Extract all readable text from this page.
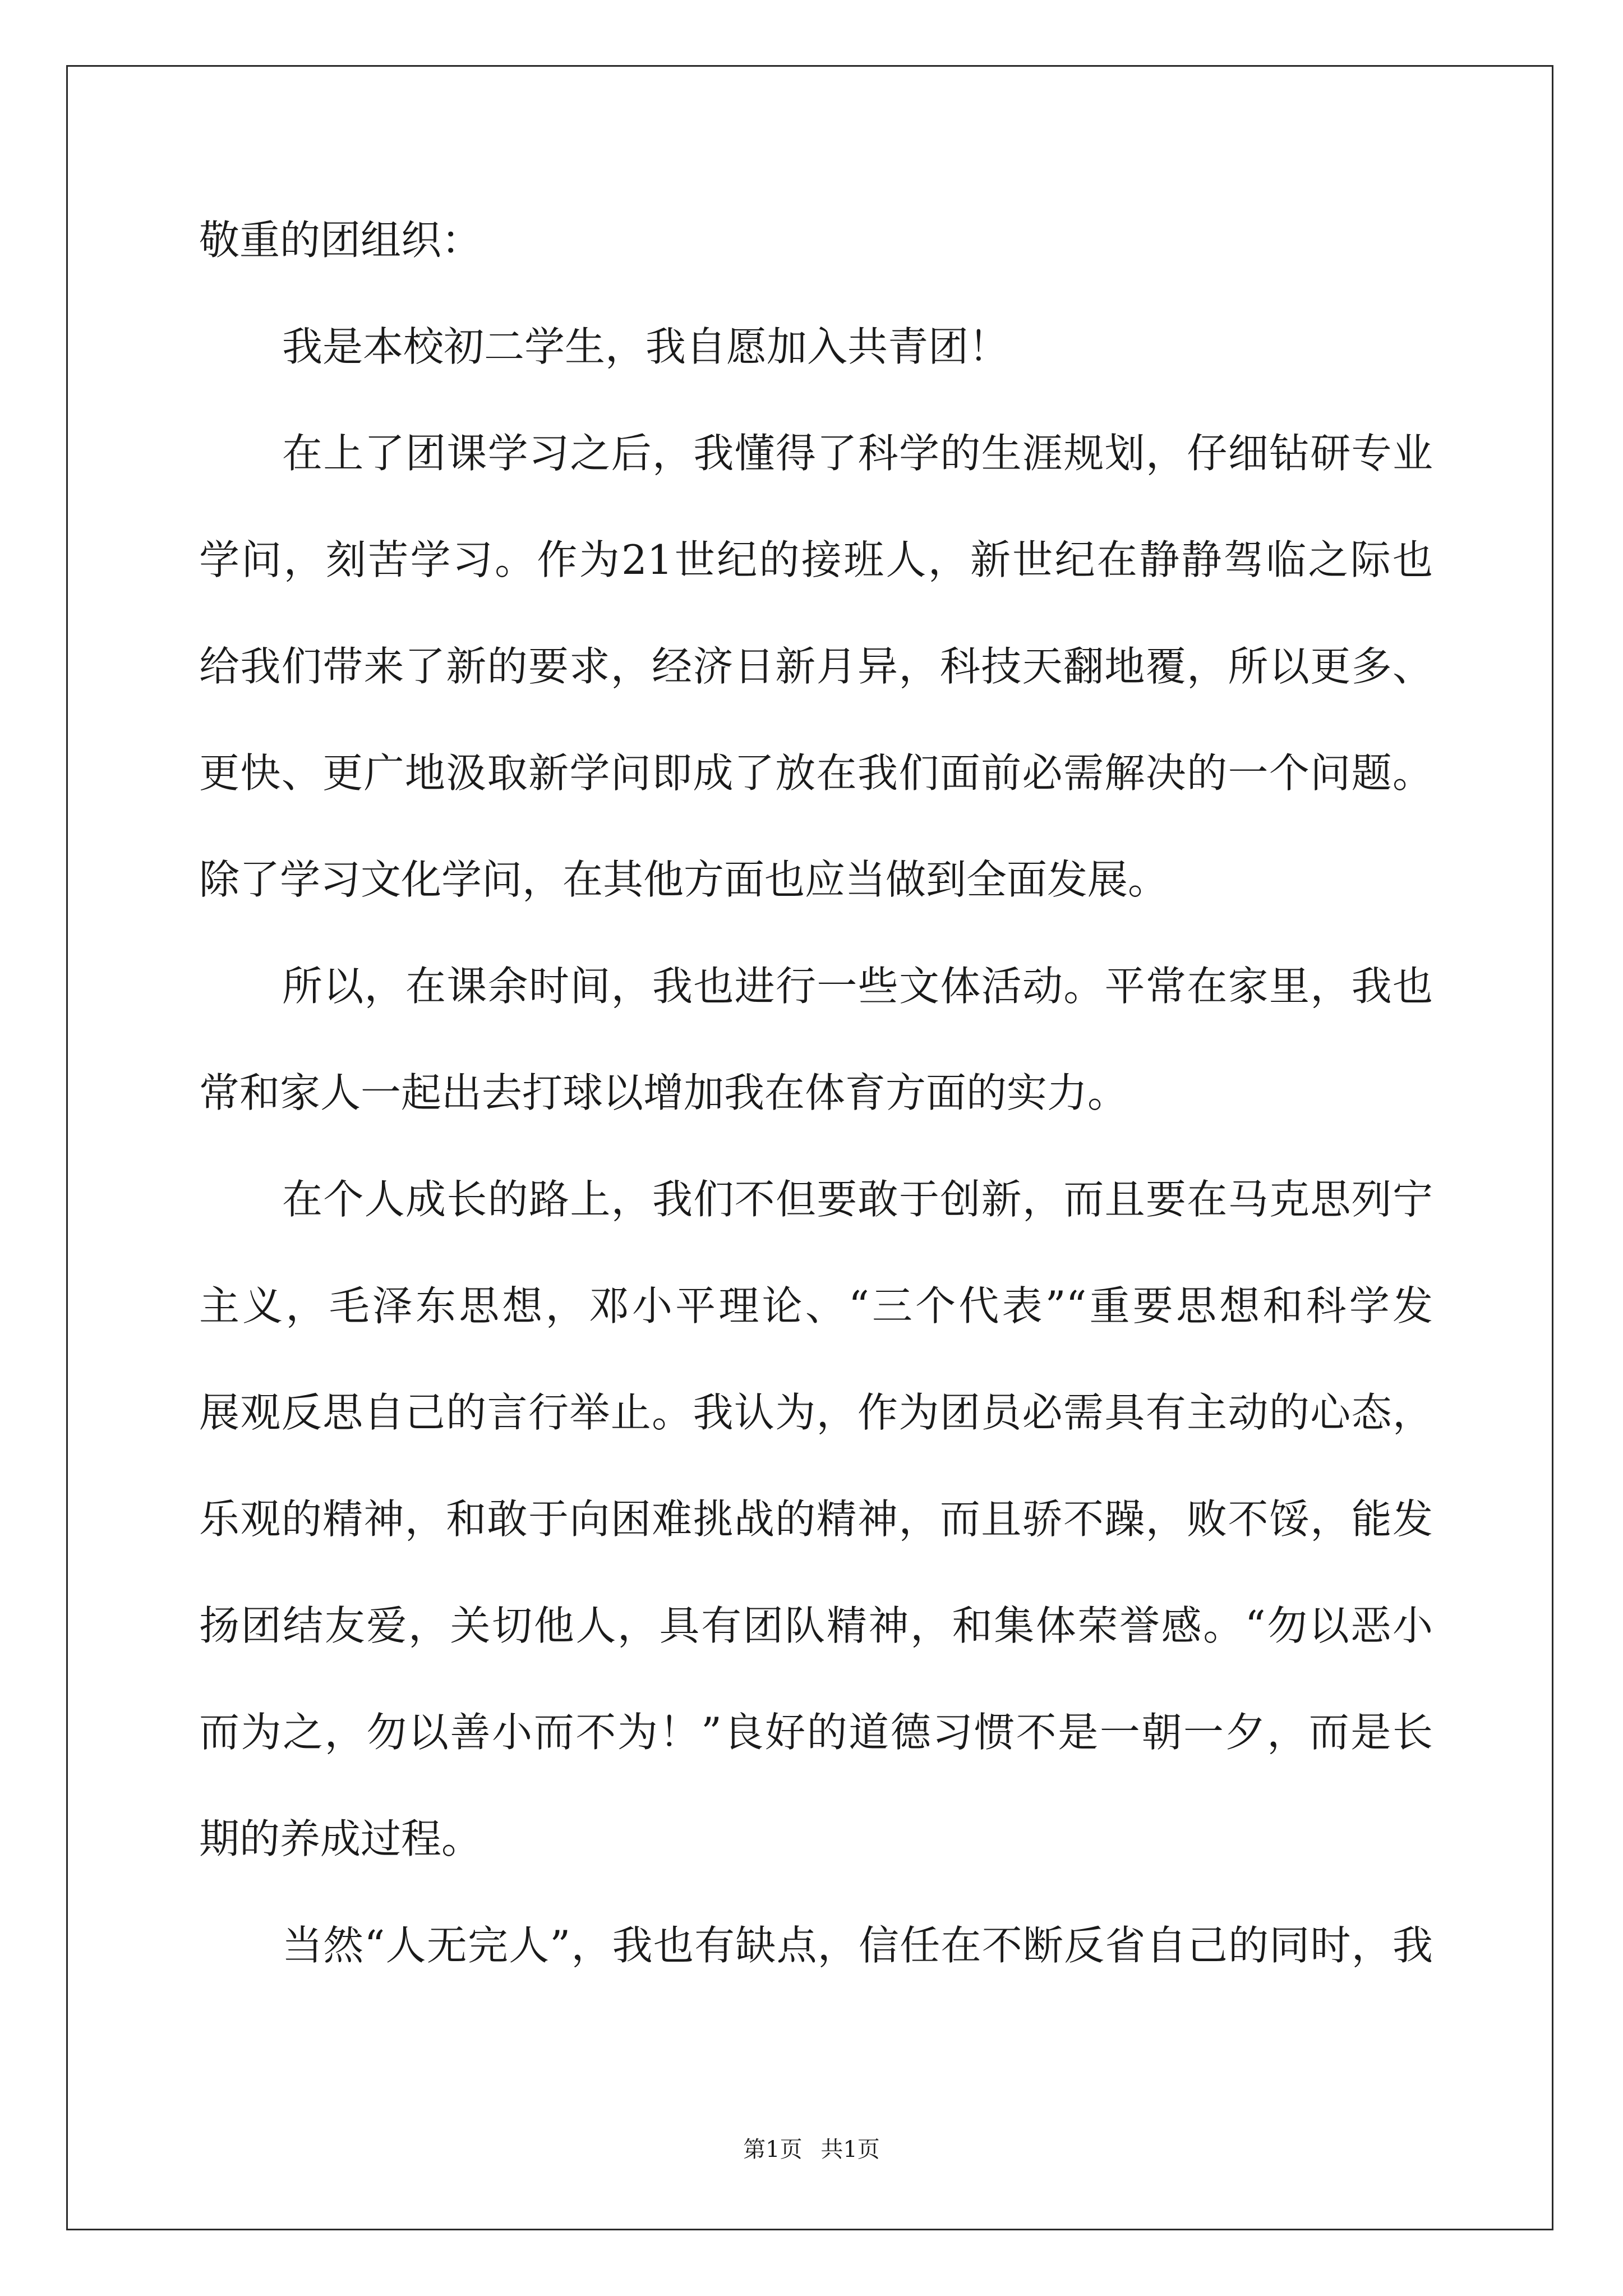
敬重的团组织：
我是本校初二学生，我自愿加入共青团！
在上了团课学习之后，我懂得了科学的生涯规划，仔细钻研专业
学问，刻苦学习。作为21世纪的接班人，新世纪在静静驾临之际也
给我们带来了新的要求，经济日新月异，科技天翻地覆，所以更多、
更快、更广地汲取新学问即成了放在我们面前必需解决的一个问题。
除了学习文化学问，在其他方面也应当做到全面发展。
所以，在课余时间，我也进行一些文体活动。平常在家里，我也
常和家人一起出去打球以增加我在体育方面的实力。
在个人成长的路上，我们不但要敢于创新，而且要在马克思列宁
主义，毛泽东思想，邓小平理论、“三个代表”“重要思想和科学发
展观反思自己的言行举止。我认为，作为团员必需具有主动的心态，
乐观的精神，和敢于向困难挑战的精神，而且骄不躁，败不馁，能发
扬团结友爱，关切他人，具有团队精神，和集体荣誉感。“勿以恶小
而为之，勿以善小而不为！”良好的道德习惯不是一朝一夕，而是长
期的养成过程。
当然“人无完人”，我也有缺点，信任在不断反省自己的同时，我
第1页 共1页
